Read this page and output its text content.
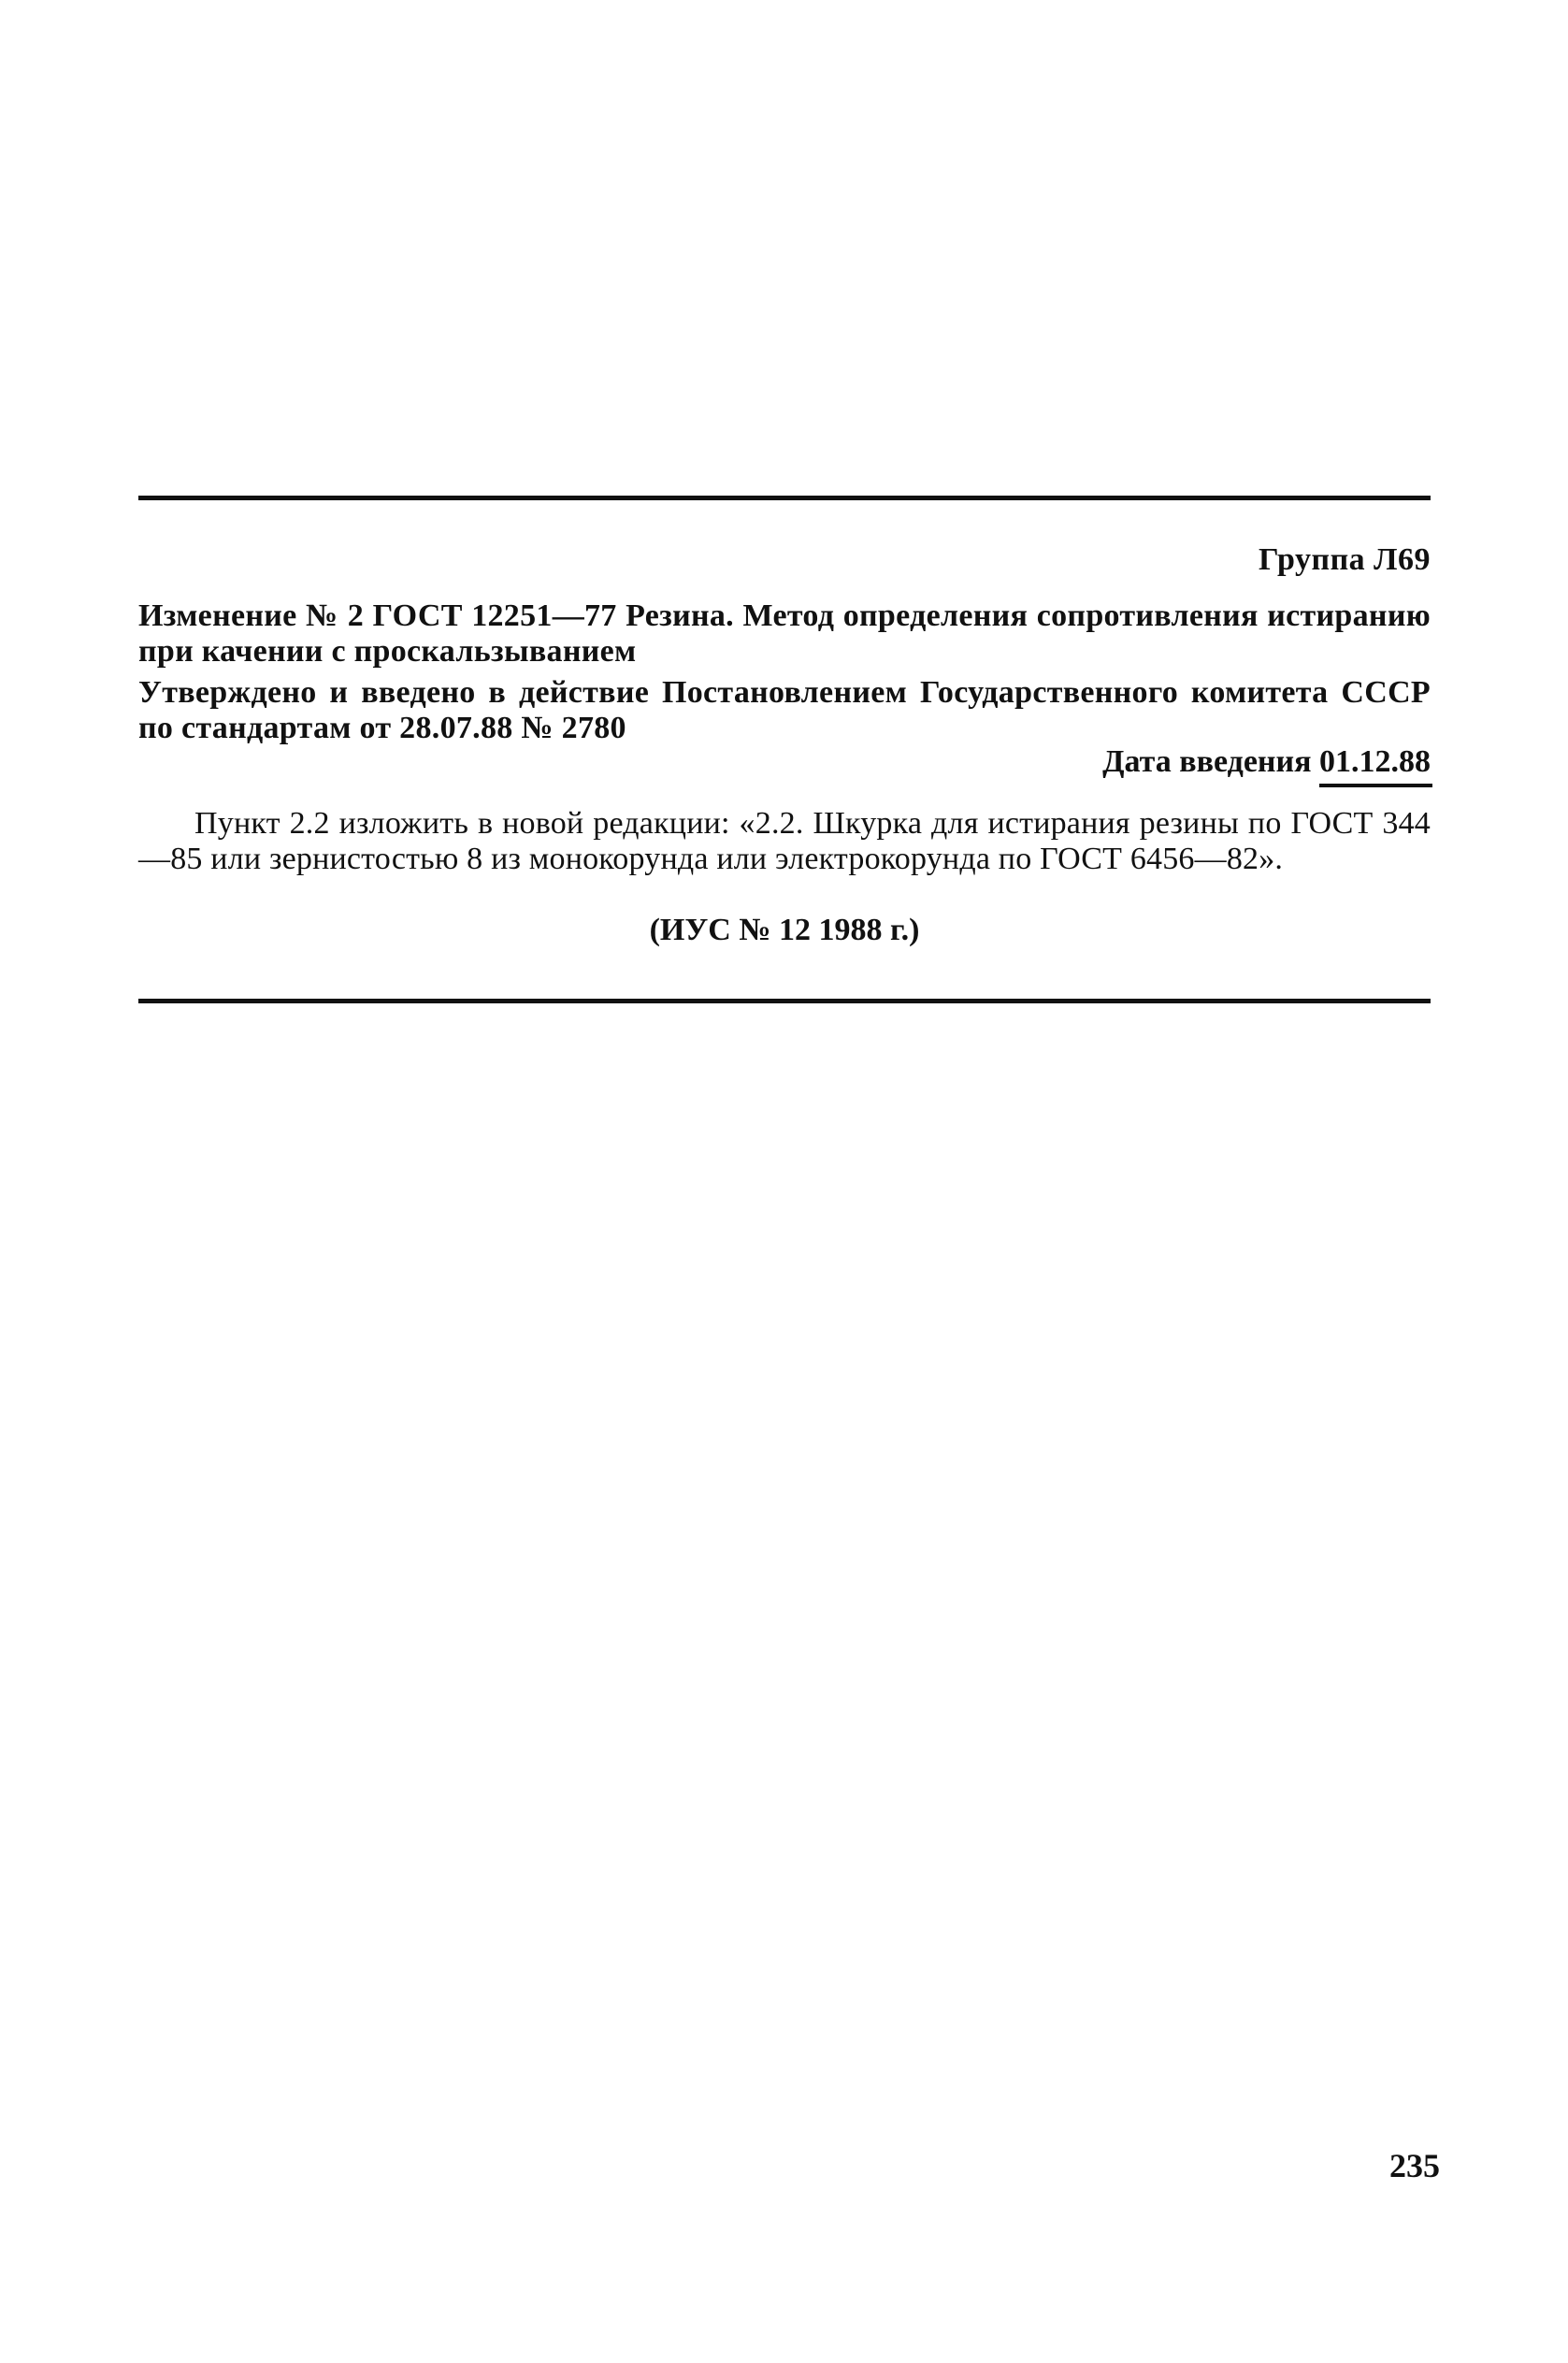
Группа Л69
Изменение № 2 ГОСТ 12251—77 Резина. Метод определения сопротивления истиранию при качении с проскальзыванием
Утверждено и введено в действие Постановлением Государственного комитета СССР по стандартам от 28.07.88 № 2780
Дата введения 01.12.88
Пункт 2.2 изложить в новой редакции: «2.2. Шкурка для истирания резины по ГОСТ 344—85 или зернистостью 8 из монокорунда или электрокорунда по ГОСТ 6456—82».
(ИУС № 12 1988 г.)
235
